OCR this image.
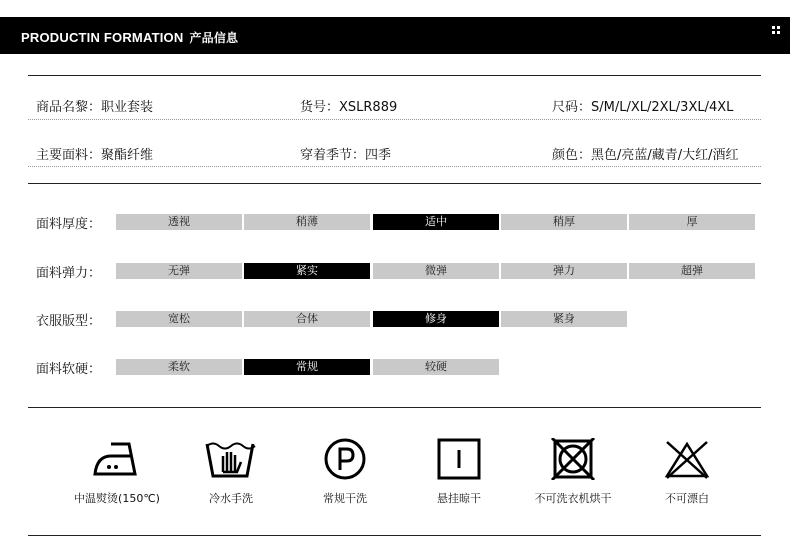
PRODUCTIN FORMATION 产品信息
商品名黎：职业套装	货号：XSLR889	尺码：S/M/L/XL/2XL/3XL/4XL
主要面料：聚酯纤维	穿着季节：四季	颜色：黑色/亮蓝/藏青/大红/酒红
面料厚度：	透视	稍薄	适中	稍厚	厚
面料弹力：	无弹	紧实	微弹	弹力	超弹
衣服版型：	宽松	合体	修身	紧身
面料软硬：	柔软	常规	较硬
中温熨烫(150℃)	冷水手洗	常规干洗	悬挂晾干	不可洗衣机烘干	不可漂白
